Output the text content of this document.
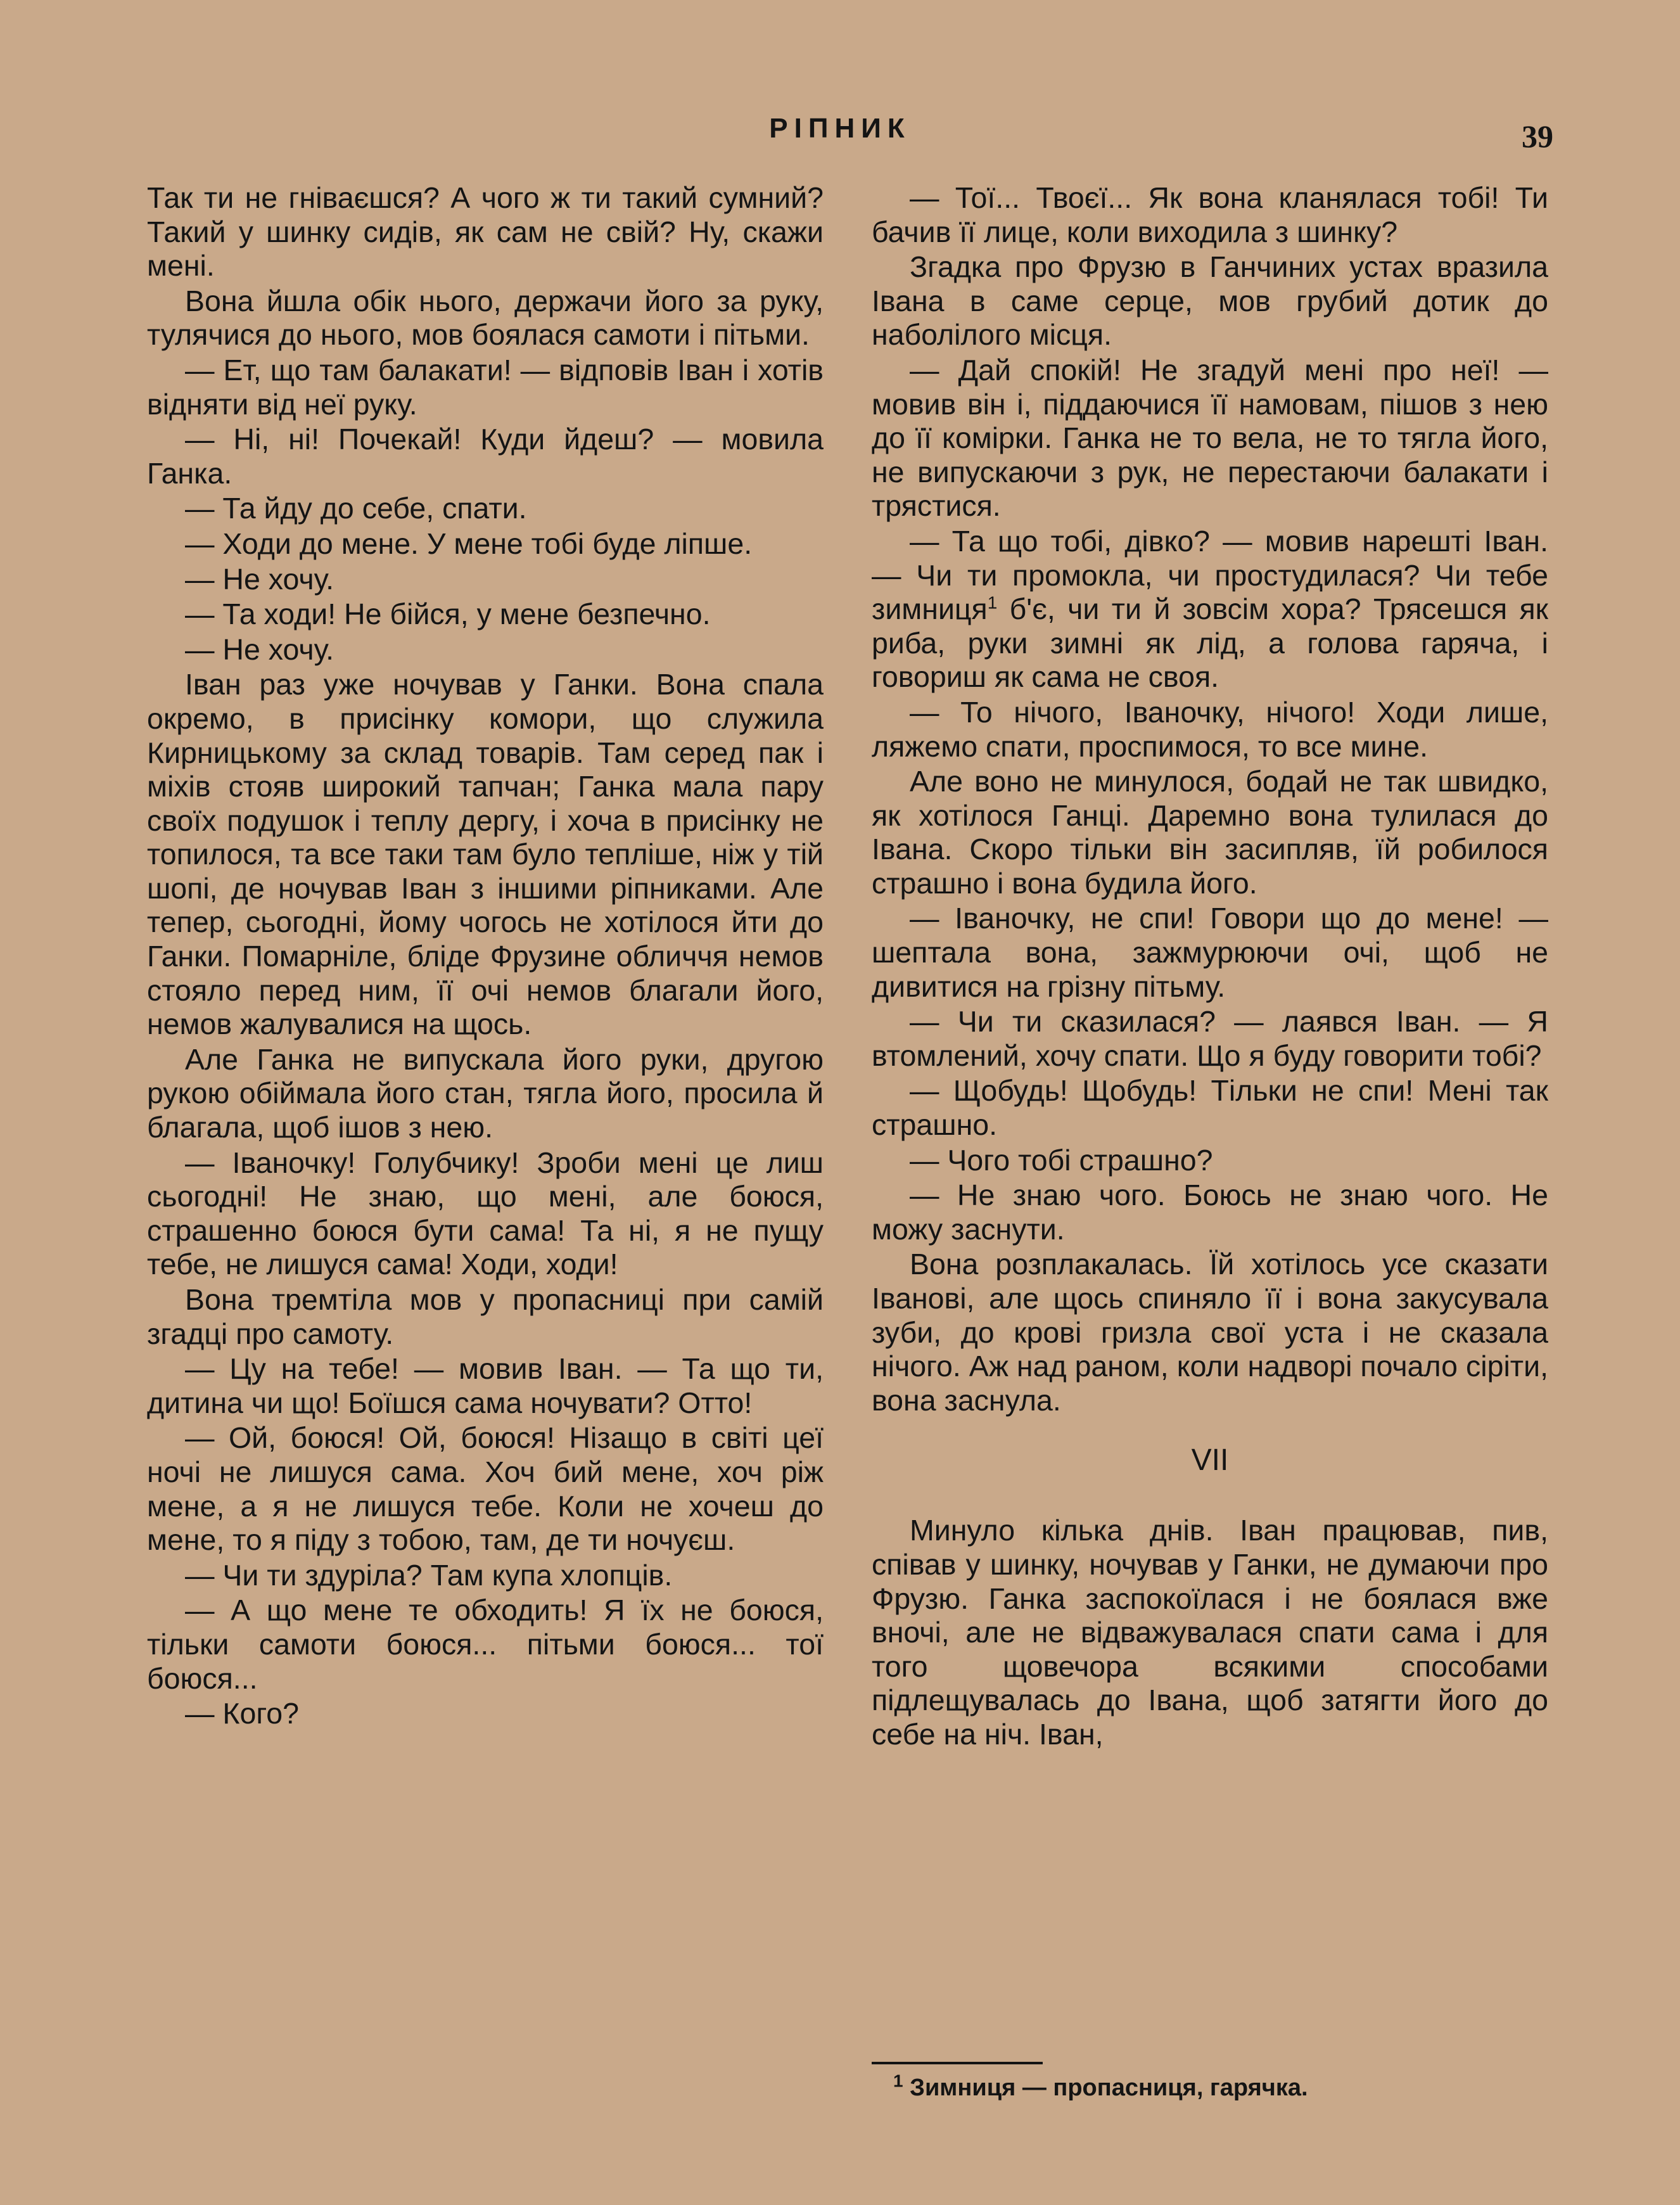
РІПНИК	39

Так ти не гніваєшся? А чого ж ти такий сумний? Такий у шинку сидів, як сам не свій? Ну, скажи мені.

Вона йшла обік нього, держачи його за руку, тулячися до нього, мов боялася самоти і пітьми.

— Ет, що там балакати! — відповів Іван і хотів відняти від неї руку.

— Ні, ні! Почекай! Куди йдеш? — мовила Ганка.

— Та йду до себе, спати.

— Ходи до мене. У мене тобі буде ліпше.

— Не хочу.

— Та ходи! Не бійся, у мене безпечно.

— Не хочу.

Іван раз уже ночував у Ганки. Вона спала окремо, в присінку комори, що служила Кирницькому за склад товарів. Там серед пак і міхів стояв широкий тапчан; Ганка мала пару своїх подушок і теплу дергу, і хоча в присінку не топилося, та все таки там було тепліше, ніж у тій шопі, де ночував Іван з іншими ріпниками. Але тепер, сьогодні, йому чогось не хотілося йти до Ганки. Помарніле, бліде Фрузине обличчя немов стояло перед ним, її очі немов благали його, немов жалувалися на щось.

Але Ганка не випускала його руки, другою рукою обіймала його стан, тягла його, просила й благала, щоб ішов з нею.

— Іваночку! Голубчику! Зроби мені це лиш сьогодні! Не знаю, що мені, але боюся, страшенно боюся бути сама! Та ні, я не пущу тебе, не лишуся сама! Ходи, ходи!

Вона тремтіла мов у пропасниці при самій згадці про самоту.

— Цу на тебе! — мовив Іван. — Та що ти, дитина чи що! Боїшся сама ночувати? Отто!

— Ой, боюся! Ой, боюся! Нізащо в світі цеї ночі не лишуся сама. Хоч бий мене, хоч ріж мене, а я не лишуся тебе. Коли не хочеш до мене, то я піду з тобою, там, де ти ночуєш.

— Чи ти здуріла? Там купа хлопців.

— А що мене те обходить! Я їх не боюся, тільки самоти боюся... пітьми боюся... тої боюся...

— Кого?

— Тої... Твоєї... Як вона кланялася тобі! Ти бачив її лице, коли виходила з шинку?

Згадка про Фрузю в Ганчиних устах вразила Івана в саме серце, мов грубий дотик до наболілого місця.

— Дай спокій! Не згадуй мені про неї! — мовив він і, піддаючися її намовам, пішов з нею до її комірки. Ганка не то вела, не то тягла його, не випускаючи з рук, не перестаючи балакати і трястися.

— Та що тобі, дівко? — мовив нарешті Іван. — Чи ти промокла, чи простудилася? Чи тебе зимниця$^1$ б'є, чи ти й зовсім хора? Трясешся як риба, руки зимні як лід, а голова гаряча, і говориш як сама не своя.

— То нічого, Іваночку, нічого! Ходи лише, ляжемо спати, проспимося, то все мине.

Але воно не минулося, бодай не так швидко, як хотілося Ганці. Даремно вона тулилася до Івана. Скоро тільки він засипляв, їй робилося страшно і вона будила його.

— Іваночку, не спи! Говори що до мене! — шептала вона, зажмурюючи очі, щоб не дивитися на грізну пітьму.

— Чи ти сказилася? — лаявся Іван. — Я втомлений, хочу спати. Що я буду говорити тобі?

— Щобудь! Щобудь! Тільки не спи! Мені так страшно.

— Чого тобі страшно?

— Не знаю чого. Боюсь не знаю чого. Не можу заснути.

Вона розплакалась. Їй хотілось усе сказати Іванові, але щось спиняло її і вона закусувала зуби, до крові гризла свої уста і не сказала нічого. Аж над раном, коли надворі почало сіріти, вона заснула.

VII

Минуло кілька днів. Іван працював, пив, співав у шинку, ночував у Ганки, не думаючи про Фрузю. Ганка заспокоїлася і не боялася вже вночі, але не відважувалася спати сама і для того щовечора всякими способами підлещувалась до Івана, щоб затягти його до себе на ніч. Іван,

$^1$ Зимниця — пропасниця, гарячка.
